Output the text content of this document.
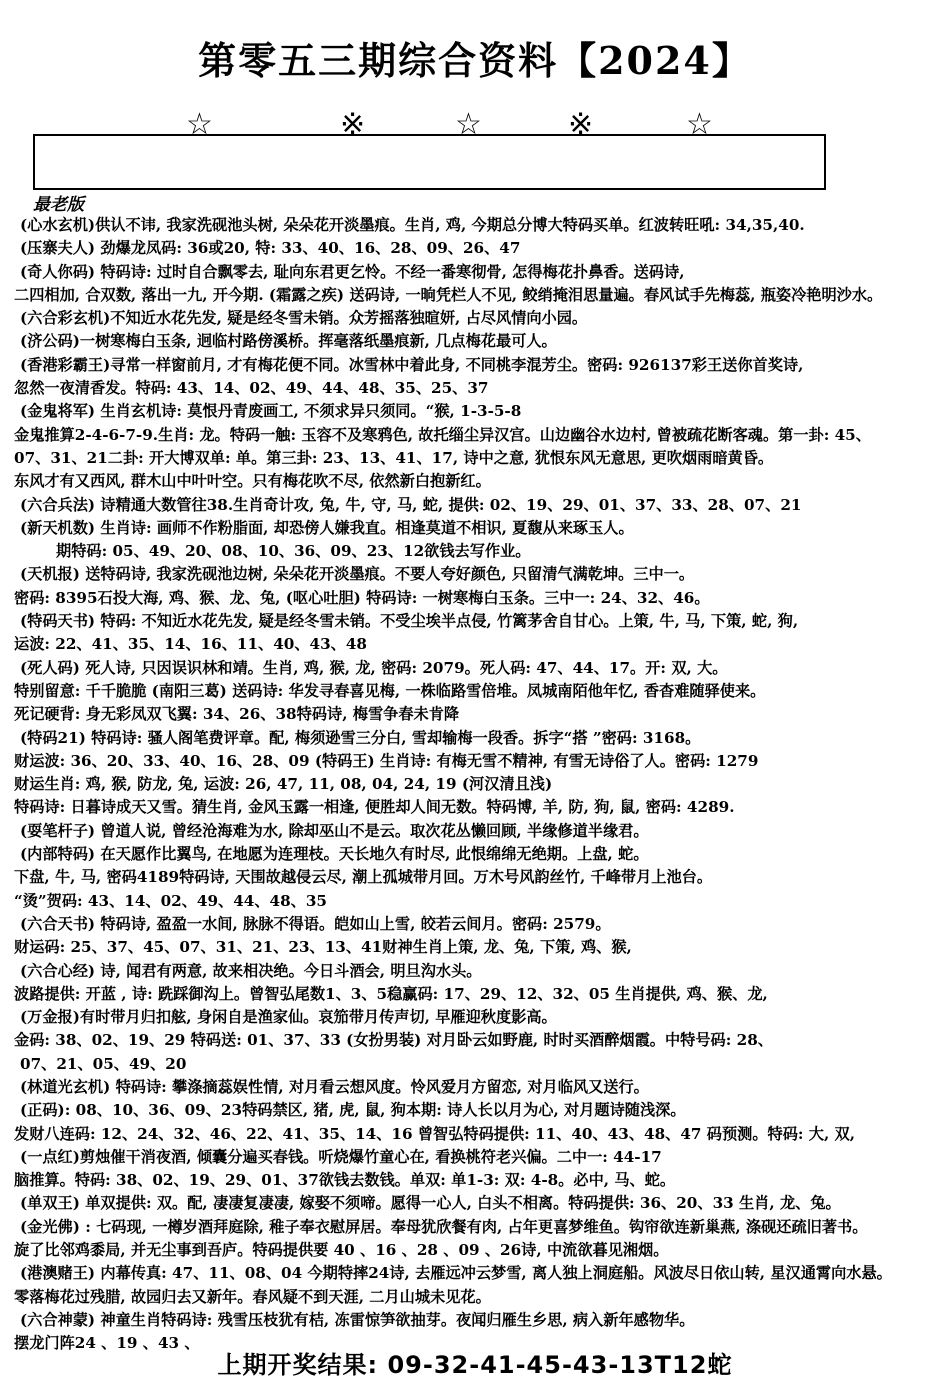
第零五三期综合资料【2024】
☆	※	☆	※	☆
最老版
(心水玄机)供认不讳, 我家洗砚池头树, 朵朵花开淡墨痕。生肖, 鸡, 今期总分博大特码买单。红波转旺吼: 34,35,40.
(压寨夫人) 劲爆龙凤码: 36或20, 特: 33、40、16、28、09、26、47
(奇人你码) 特码诗: 过时自合飘零去, 耻向东君更乞怜。不经一番寒彻骨, 怎得梅花扑鼻香。送码诗,
二四相加, 合双数, 落出一九, 开今期. (霜露之疾) 送码诗, 一晌凭栏人不见, 鲛绡掩泪思量遍。春风试手先梅蕊, 瓶姿冷艳明沙水。
(六合彩玄机)不知近水花先发, 疑是经冬雪未销。众芳摇落独暄妍, 占尽风情向小园。
(济公码)一树寒梅白玉条, 迥临村路傍溪桥。挥毫落纸墨痕新, 几点梅花最可人。
(香港彩霸王)寻常一样窗前月, 才有梅花便不同。冰雪林中着此身, 不同桃李混芳尘。密码: 926137彩王送你首奖诗,
忽然一夜清香发。特码: 43、14、02、49、44、48、35、25、37
(金鬼将军) 生肖玄机诗: 莫恨丹青废画工, 不须求异只须同。“猴, 1-3-5-8
金鬼推算2-4-6-7-9.生肖: 龙。特码一触: 玉容不及寒鸦色, 故托缁尘异汉宫。山边幽谷水边村, 曾被疏花断客魂。第一卦: 45、
07、31、21二卦: 开大博双单: 单。第三卦: 23、13、41、17, 诗中之意, 犹恨东风无意思, 更吹烟雨暗黄昏。
东风才有又西风, 群木山中叶叶空。只有梅花吹不尽, 依然新白抱新红。
(六合兵法) 诗精通大数管往38.生肖奇计攻, 兔, 牛, 守, 马, 蛇, 提供: 02、19、29、01、37、33、28、07、21
(新天机数) 生肖诗: 画师不作粉脂面, 却恐傍人嫌我直。相逢莫道不相识, 夏馥从来琢玉人。
期特码: 05、49、20、08、10、36、09、23、12欲钱去写作业。
(天机报) 送特码诗, 我家洗砚池边树, 朵朵花开淡墨痕。不要人夸好颜色, 只留清气满乾坤。三中一。
密码: 8395石投大海, 鸡、猴、龙、兔, (呕心吐胆) 特码诗: 一树寒梅白玉条。三中一: 24、32、46。
(特码天书) 特码: 不知近水花先发, 疑是经冬雪未销。不受尘埃半点侵, 竹篱茅舍自甘心。上策, 牛, 马, 下策, 蛇, 狗,
运波: 22、41、35、14、16、11、40、43、48
(死人码) 死人诗, 只因误识林和靖。生肖, 鸡, 猴, 龙, 密码: 2079。死人码: 47、44、17。开: 双, 大。
特别留意: 千千脆脆 (南阳三葛) 送码诗: 华发寻春喜见梅, 一株临路雪倍堆。凤城南陌他年忆, 香杳难随驿使来。
死记硬背: 身无彩凤双飞翼: 34、26、38特码诗, 梅雪争春未肯降
(特码21) 特码诗: 骚人阁笔费评章。配, 梅须逊雪三分白, 雪却输梅一段香。拆字“搭 ”密码: 3168。
财运波: 36、20、33、40、16、28、09 (特码王) 生肖诗: 有梅无雪不精神, 有雪无诗俗了人。密码: 1279
财运生肖: 鸡, 猴, 防龙, 兔, 运波: 26, 47, 11, 08, 04, 24, 19 (河汉清且浅)
特码诗: 日暮诗成天又雪。猜生肖, 金风玉露一相逢, 便胜却人间无数。特码博, 羊, 防, 狗, 鼠, 密码: 4289.
(耍笔杆子) 曾道人说, 曾经沧海难为水, 除却巫山不是云。取次花丛懒回顾, 半缘修道半缘君。
(内部特码) 在天愿作比翼鸟, 在地愿为连理枝。天长地久有时尽, 此恨绵绵无绝期。上盘, 蛇。
下盘, 牛, 马, 密码4189特码诗, 天围故越侵云尽, 潮上孤城带月回。万木号风韵丝竹, 千峰带月上池台。
“烫”贺码: 43、14、02、49、44、48、35
(六合天书) 特码诗, 盈盈一水间, 脉脉不得语。皑如山上雪, 皎若云间月。密码: 2579。
财运码: 25、37、45、07、31、21、23、13、41财神生肖上策, 龙、兔, 下策, 鸡、猴,
(六合心经) 诗, 闻君有两意, 故来相决绝。今日斗酒会, 明旦沟水头。
波路提供: 开蓝 , 诗: 跣踩御沟上。曾智弘尾数1、3、5稳赢码: 17、29、12、32、05 生肖提供, 鸡、猴、龙,
(万金报)有时带月归扣舷, 身闲自是渔家仙。哀笳带月传声切, 早雁迎秋度影高。
金码: 38、02、19、29 特码送: 01、37、33 (女扮男装) 对月卧云如野鹿, 时时买酒醉烟霞。中特号码: 28、
07、21、05、49、20
(林道光玄机) 特码诗: 攀涤摘蕊娱性情, 对月看云想风度。怜风爱月方留恋, 对月临风又送行。
(正码): 08、10、36、09、23特码禁区, 猪, 虎, 鼠, 狗本期: 诗人长以月为心, 对月题诗随浅深。
发财八连码: 12、24、32、46、22、41、35、14、16 曾智弘特码提供: 11、40、43、48、47 码预测。特码: 大, 双,
(一点红)剪烛催干消夜酒, 倾囊分遍买春钱。听烧爆竹童心在, 看换桃符老兴偏。二中一: 44-17
脑推算。特码: 38、02、19、29、01、37欲钱去数钱。单双: 单1-3: 双: 4-8。必中, 马、蛇。
(单双王) 单双提供: 双。配, 凄凄复凄凄, 嫁娶不须啼。愿得一心人, 白头不相离。特码提供: 36、20、33 生肖, 龙、兔。
(金光佛) : 七码现, 一樽岁酒拜庭除, 稚子奉衣慰屏居。奉母犹欣餐有肉, 占年更喜梦维鱼。钩帘欲连新巢燕, 涤砚还疏旧著书。
旋了比邻鸡黍局, 并无尘事到吾庐。特码提供要 40 、16 、28 、09 、26诗, 中流欲暮见湘烟。
(港澳赌王) 内幕传真: 47、11、08、04 今期特摔24诗, 去雁远冲云梦雪, 离人独上洞庭船。风波尽日依山转, 星汉通霄向水悬。
零落梅花过残腊, 故园归去又新年。春风疑不到天涯, 二月山城未见花。
(六合神蒙) 神童生肖特码诗: 残雪压枝犹有桔, 冻雷惊笋欲抽芽。夜闻归雁生乡思, 病入新年感物华。
摆龙门阵24 、19 、43 、
上期开奖结果: 09-32-41-45-43-13T12蛇
